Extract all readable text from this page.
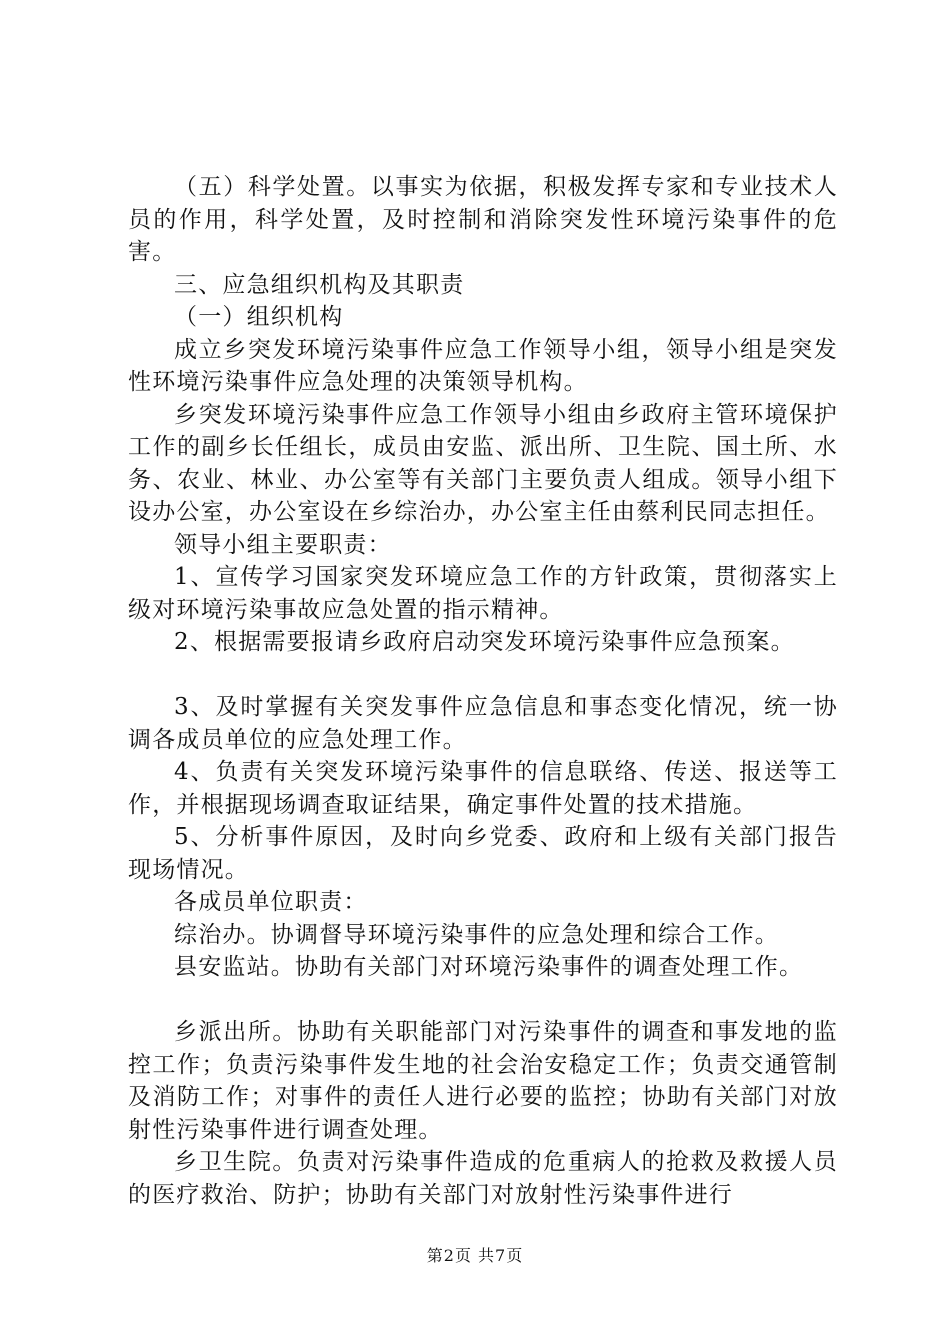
（五）科学处置。以事实为依据，积极发挥专家和专业技术人员的作用，科学处置，及时控制和消除突发性环境污染事件的危害。

三、应急组织机构及其职责

（一）组织机构

成立乡突发环境污染事件应急工作领导小组，领导小组是突发性环境污染事件应急处理的决策领导机构。

乡突发环境污染事件应急工作领导小组由乡政府主管环境保护工作的副乡长任组长，成员由安监、派出所、卫生院、国土所、水务、农业、林业、办公室等有关部门主要负责人组成。领导小组下设办公室，办公室设在乡综治办，办公室主任由蔡利民同志担任。

领导小组主要职责：

1、宣传学习国家突发环境应急工作的方针政策，贯彻落实上级对环境污染事故应急处置的指示精神。

2、根据需要报请乡政府启动突发环境污染事件应急预案。

3、及时掌握有关突发事件应急信息和事态变化情况，统一协调各成员单位的应急处理工作。

4、负责有关突发环境污染事件的信息联络、传送、报送等工作，并根据现场调查取证结果，确定事件处置的技术措施。

5、分析事件原因，及时向乡党委、政府和上级有关部门报告现场情况。

各成员单位职责：

综治办。协调督导环境污染事件的应急处理和综合工作。

县安监站。协助有关部门对环境污染事件的调查处理工作。

乡派出所。协助有关职能部门对污染事件的调查和事发地的监控工作；负责污染事件发生地的社会治安稳定工作；负责交通管制及消防工作；对事件的责任人进行必要的监控；协助有关部门对放射性污染事件进行调查处理。

乡卫生院。负责对污染事件造成的危重病人的抢救及救援人员的医疗救治、防护；协助有关部门对放射性污染事件进行

第2页 共7页
